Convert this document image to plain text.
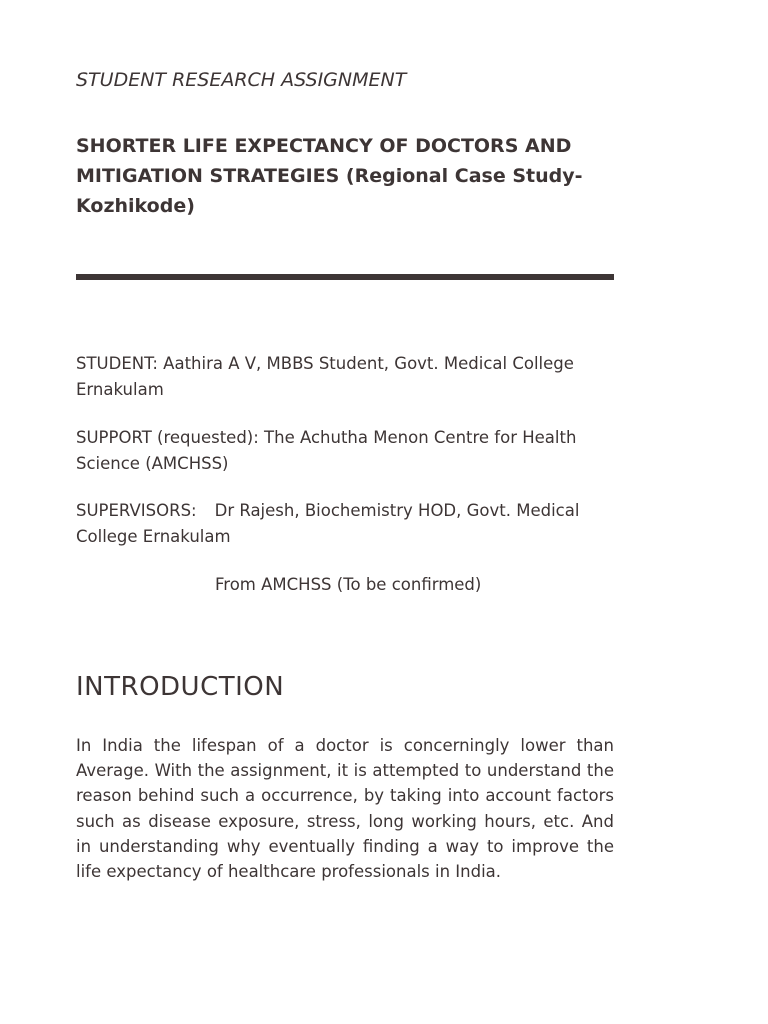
STUDENT RESEARCH ASSIGNMENT
SHORTER LIFE EXPECTANCY OF DOCTORS AND MITIGATION STRATEGIES (Regional Case Study-Kozhikode)
STUDENT: Aathira A V, MBBS Student, Govt. Medical College Ernakulam
SUPPORT (requested): The Achutha Menon Centre for Health Science (AMCHSS)
SUPERVISORS: Dr Rajesh, Biochemistry HOD, Govt. Medical College Ernakulam
From AMCHSS (To be confirmed)
INTRODUCTION
In India the lifespan of a doctor is concerningly lower than Average. With the assignment, it is attempted to understand the reason behind such a occurrence, by taking into account factors such as disease exposure, stress, long working hours, etc. And in understanding why eventually finding a way to improve the life expectancy of healthcare professionals in India.
